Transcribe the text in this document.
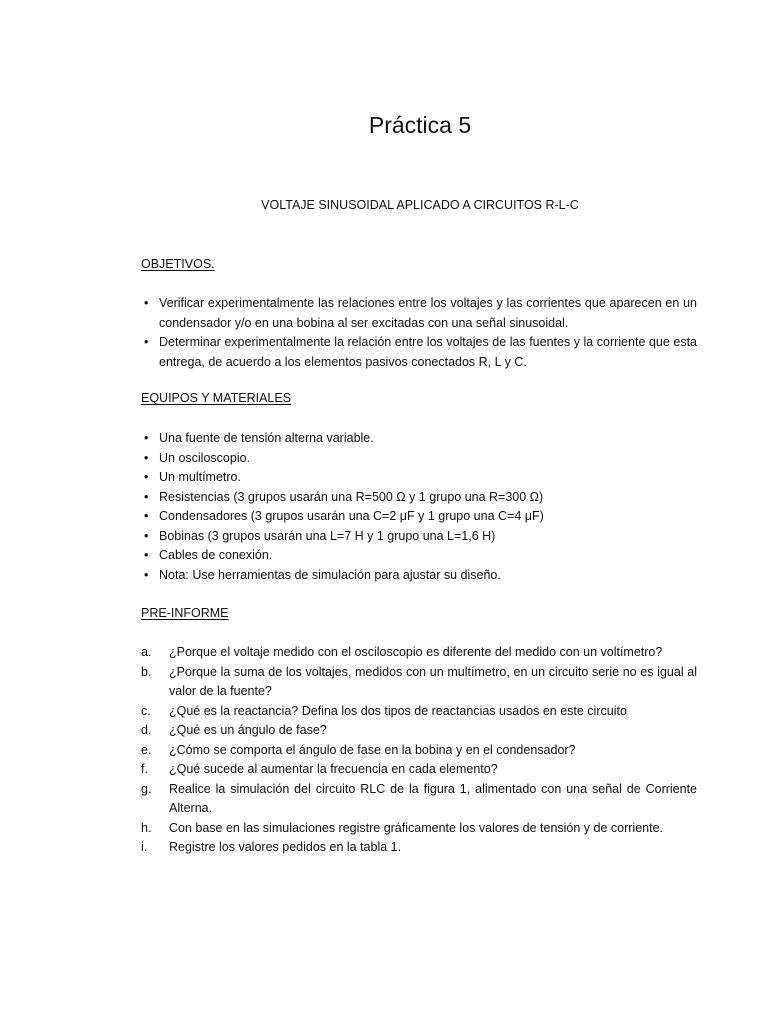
Práctica 5
VOLTAJE SINUSOIDAL APLICADO A CIRCUITOS R-L-C
OBJETIVOS.
• Verificar experimentalmente las relaciones entre los voltajes y las corrientes que aparecen en un condensador y/o en una bobina al ser excitadas con una señal sinusoidal.
• Determinar experimentalmente la relación entre los voltajes de las fuentes y la corriente que esta entrega, de acuerdo a los elementos pasivos conectados R, L y C.
EQUIPOS Y MATERIALES
• Una fuente de tensión alterna variable.
• Un osciloscopio.
• Un multímetro.
• Resistencias (3 grupos usarán una R=500 Ω y 1 grupo una R=300 Ω)
• Condensadores (3 grupos usarán una C=2 μF y 1 grupo una C=4 μF)
• Bobinas (3 grupos usarán una L=7 H y 1 grupo una L=1,6 H)
• Cables de conexión.
• Nota: Use herramientas de simulación para ajustar su diseño.
PRE-INFORME
a. ¿Porque el voltaje medido con el osciloscopio es diferente del medido con un voltímetro?
b. ¿Porque la suma de los voltajes, medidos con un multímetro, en un circuito serie no es igual al valor de la fuente?
c. ¿Qué es la reactancia? Defina los dos tipos de reactancias usados en este circuito
d. ¿Qué es un ángulo de fase?
e. ¿Cómo se comporta el ángulo de fase en la bobina y en el condensador?
f. ¿Qué sucede al aumentar la frecuencia en cada elemento?
g. Realice la simulación del circuito RLC de la figura 1, alimentado con una señal de Corriente Alterna.
h. Con base en las simulaciones registre gráficamente los valores de tensión y de corriente.
i. Registre los valores pedidos en la tabla 1.
